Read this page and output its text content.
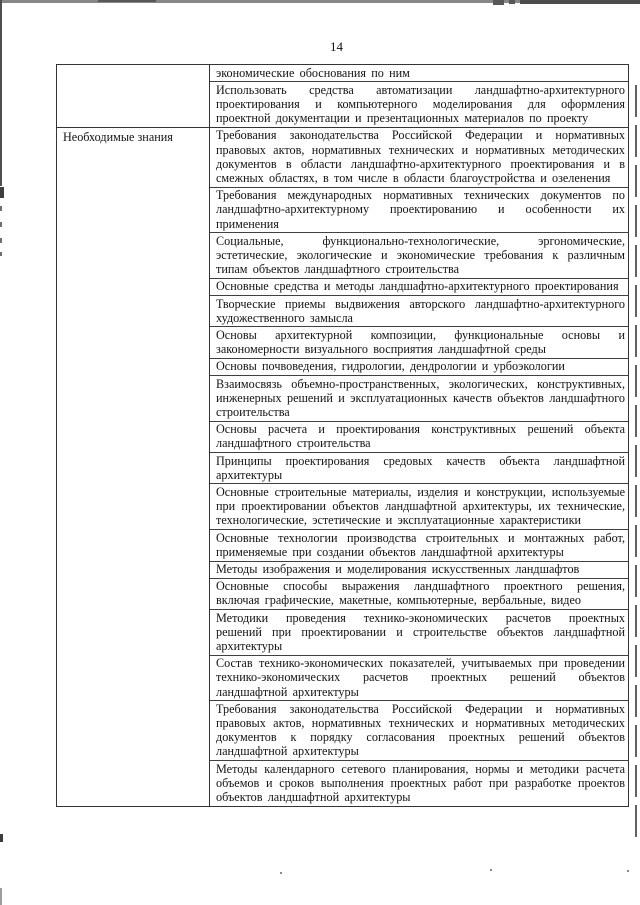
14

	экономические обоснования по ним
Использовать средства автоматизации ландшафтно-архитектурного проектирования и компьютерного моделирования для оформления проектной документации и презентационных материалов по проекту

Необходимые знания	Требования законодательства Российской Федерации и нормативных правовых актов, нормативных технических и нормативных методических документов в области ландшафтно-архитектурного проектирования и в смежных областях, в том числе в области благоустройства и озеленения
Требования международных нормативных технических документов по ландшафтно-архитектурному проектированию и особенности их применения
Социальные, функционально-технологические, эргономические, эстетические, экологические и экономические требования к различным типам объектов ландшафтного строительства
Основные средства и методы ландшафтно-архитектурного проектирования
Творческие приемы выдвижения авторского ландшафтно-архитектурного художественного замысла
Основы архитектурной композиции, функциональные основы и закономерности визуального восприятия ландшафтной среды
Основы почвоведения, гидрологии, дендрологии и урбоэкологии
Взаимосвязь объемно-пространственных, экологических, конструктивных, инженерных решений и эксплуатационных качеств объектов ландшафтного строительства
Основы расчета и проектирования конструктивных решений объекта ландшафтного строительства
Принципы проектирования средовых качеств объекта ландшафтной архитектуры
Основные строительные материалы, изделия и конструкции, используемые при проектировании объектов ландшафтной архитектуры, их технические, технологические, эстетические и эксплуатационные характеристики
Основные технологии производства строительных и монтажных работ, применяемые при создании объектов ландшафтной архитектуры
Методы изображения и моделирования искусственных ландшафтов
Основные способы выражения ландшафтного проектного решения, включая графические, макетные, компьютерные, вербальные, видео
Методики проведения технико-экономических расчетов проектных решений при проектировании и строительстве объектов ландшафтной архитектуры
Состав технико-экономических показателей, учитываемых при проведении технико-экономических расчетов проектных решений объектов ландшафтной архитектуры
Требования законодательства Российской Федерации и нормативных правовых актов, нормативных технических и нормативных методических документов к порядку согласования проектных решений объектов ландшафтной архитектуры
Методы календарного сетевого планирования, нормы и методики расчета объемов и сроков выполнения проектных работ при разработке проектов объектов ландшафтной архитектуры
